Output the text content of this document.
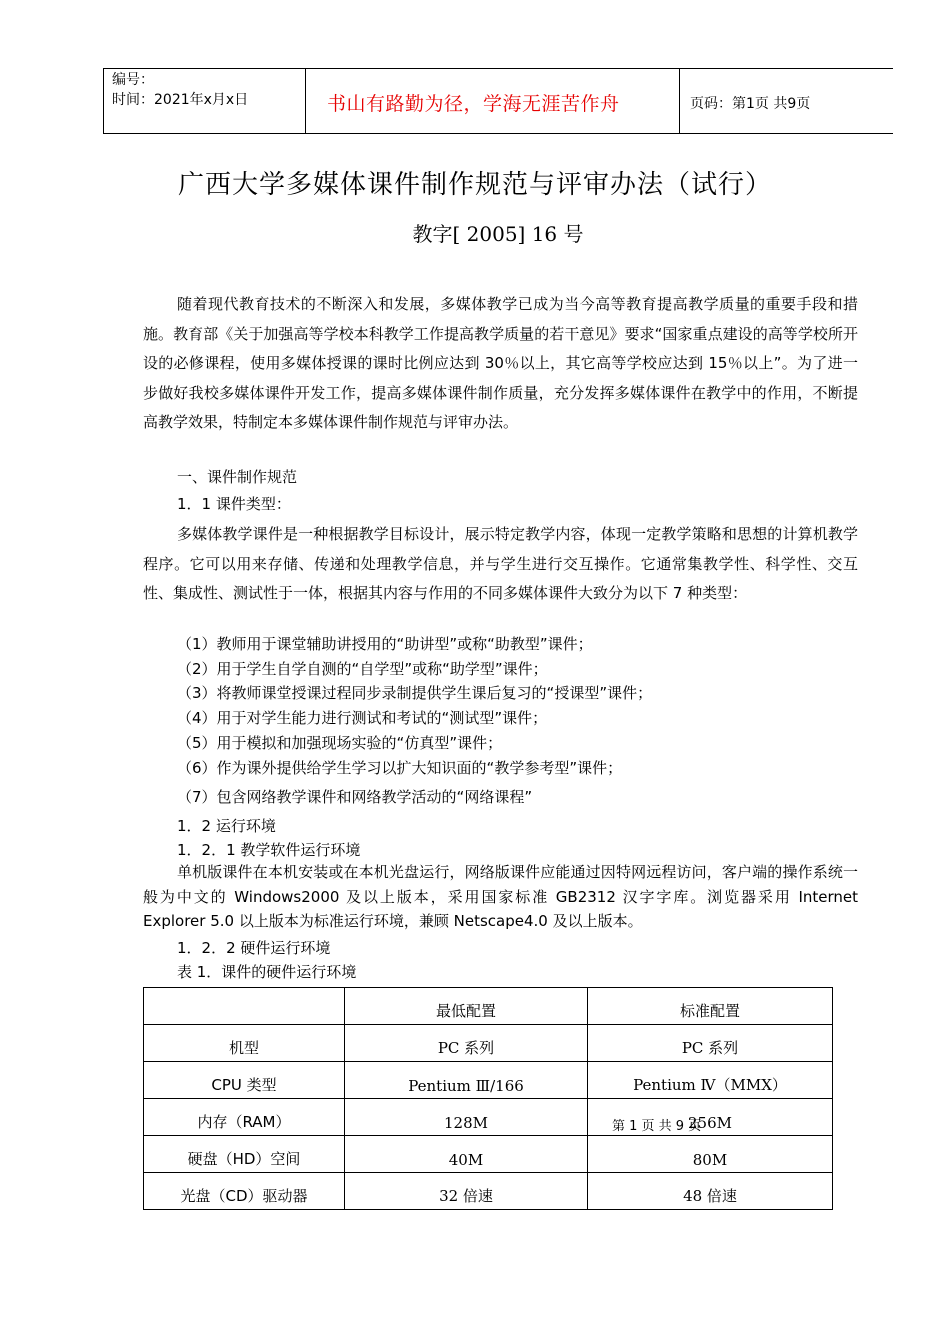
编号：
时间：2021年x月x日	书山有路勤为径，学海无涯苦作舟	页码：第1页 共9页
广西大学多媒体课件制作规范与评审办法（试行）
教字[ 2005] 16 号
随着现代教育技术的不断深入和发展，多媒体教学已成为当今高等教育提高教学质量的重要手段和措施。教育部《关于加强高等学校本科教学工作提高教学质量的若干意见》要求“国家重点建设的高等学校所开设的必修课程，使用多媒体授课的课时比例应达到 30％以上，其它高等学校应达到 15％以上”。为了进一步做好我校多媒体课件开发工作，提高多媒体课件制作质量，充分发挥多媒体课件在教学中的作用，不断提高教学效果，特制定本多媒体课件制作规范与评审办法。
一、课件制作规范
1．1 课件类型：
多媒体教学课件是一种根据教学目标设计，展示特定教学内容，体现一定教学策略和思想的计算机教学程序。它可以用来存储、传递和处理教学信息，并与学生进行交互操作。它通常集教学性、科学性、交互性、集成性、测试性于一体，根据其内容与作用的不同多媒体课件大致分为以下 7 种类型：
（1）教师用于课堂辅助讲授用的“助讲型”或称“助教型”课件；
（2）用于学生自学自测的“自学型”或称“助学型”课件；
（3）将教师课堂授课过程同步录制提供学生课后复习的“授课型”课件；
（4）用于对学生能力进行测试和考试的“测试型”课件；
（5）用于模拟和加强现场实验的“仿真型”课件；
（6）作为课外提供给学生学习以扩大知识面的“教学参考型”课件；
（7）包含网络教学课件和网络教学活动的“网络课程”
1．2 运行环境
1．2．1 教学软件运行环境
单机版课件在本机安装或在本机光盘运行，网络版课件应能通过因特网远程访问，客户端的操作系统一般为中文的 Windows2000 及以上版本，采用国家标准 GB2312 汉字字库。浏览器采用 Internet Explorer 5.0 以上版本为标准运行环境，兼顾 Netscape4.0 及以上版本。
1．2．2 硬件运行环境
表 1．课件的硬件运行环境
	最低配置	标准配置
机型	PC 系列	PC 系列
CPU 类型	Pentium Ⅲ/166	Pentium Ⅳ（MMX）
内存（RAM）	128M	256M
硬盘（HD）空间	40M	80M
光盘（CD）驱动器	32 倍速	48 倍速
第 1 页 共 9 页
